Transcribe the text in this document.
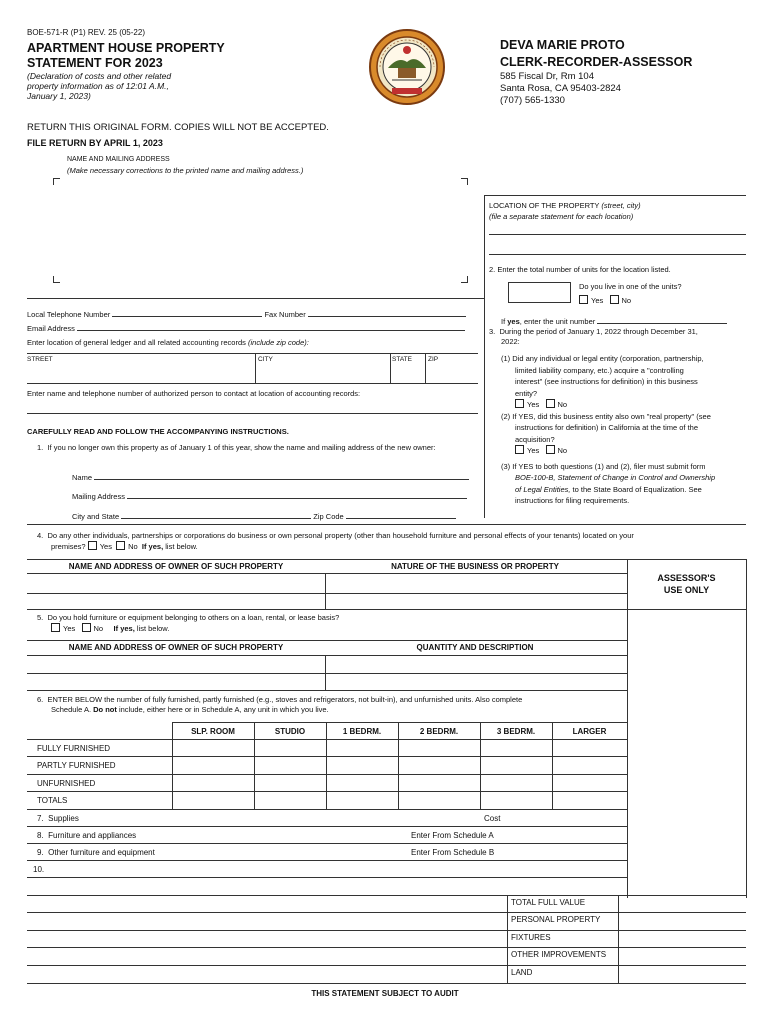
BOE-571-R (P1) REV. 25 (05-22)
APARTMENT HOUSE PROPERTY
STATEMENT FOR 2023
(Declaration of costs and other related
property information as of 12:01 A.M.,
January 1, 2023)
DEVA MARIE PROTO
CLERK-RECORDER-ASSESSOR
585 Fiscal Dr, Rm 104
Santa Rosa, CA 95403-2824
(707) 565-1330
RETURN THIS ORIGINAL FORM. COPIES WILL NOT BE ACCEPTED.
FILE RETURN BY APRIL 1, 2023
NAME AND MAILING ADDRESS
(Make necessary corrections to the printed name and mailing address.)
LOCATION OF THE PROPERTY (street, city)
(file a separate statement for each location)
2. Enter the total number of units for the location listed.
Do you live in one of the units?
Yes No
If yes, enter the unit number
3. During the period of January 1, 2022 through December 31,
2022:
(1) Did any individual or legal entity (corporation, partnership,
limited liability company, etc.) acquire a "controlling
interest" (see instructions for definition) in this business
entity?
Yes No
(2) If YES, did this business entity also own "real property" (see
instructions for definition) in California at the time of the
acquisition?
Yes No
(3) If YES to both questions (1) and (2), filer must submit form
BOE-100-B, Statement of Change in Control and Ownership
of Legal Entities, to the State Board of Equalization. See
instructions for filing requirements.
Local Telephone Number	Fax Number
Email Address
Enter location of general ledger and all related accounting records (include zip code):
STREET	CITY	STATE ZIP
Enter name and telephone number of authorized person to contact at location of accounting records:
CAREFULLY READ AND FOLLOW THE ACCOMPANYING INSTRUCTIONS.
1. If you no longer own this property as of January 1 of this year, show the name and mailing address of the new owner:
Name
Mailing Address
City and State	Zip Code
4. Do any other individuals, partnerships or corporations do business or own personal property (other than household furniture and personal effects of your tenants) located on your
premises? Yes No If yes, list below.
NAME AND ADDRESS OF OWNER OF SUCH PROPERTY	NATURE OF THE BUSINESS OR PROPERTY
ASSESSOR'S
USE ONLY
5. Do you hold furniture or equipment belonging to others on a loan, rental, or lease basis?
Yes No If yes, list below.
NAME AND ADDRESS OF OWNER OF SUCH PROPERTY	QUANTITY AND DESCRIPTION
6. ENTER BELOW the number of fully furnished, partly furnished (e.g., stoves and refrigerators, not built-in), and unfurnished units. Also complete
Schedule A. Do not include, either here or in Schedule A, any unit in which you live.
SLP. ROOM	STUDIO	1 BEDRM.	2 BEDRM.	3 BEDRM.	LARGER
FULLY FURNISHED
PARTLY FURNISHED
UNFURNISHED
TOTALS
7. Supplies	Cost
8. Furniture and appliances	Enter From Schedule A
9. Other furniture and equipment	Enter From Schedule B
10.
TOTAL FULL VALUE
PERSONAL PROPERTY
FIXTURES
OTHER IMPROVEMENTS
LAND
THIS STATEMENT SUBJECT TO AUDIT
